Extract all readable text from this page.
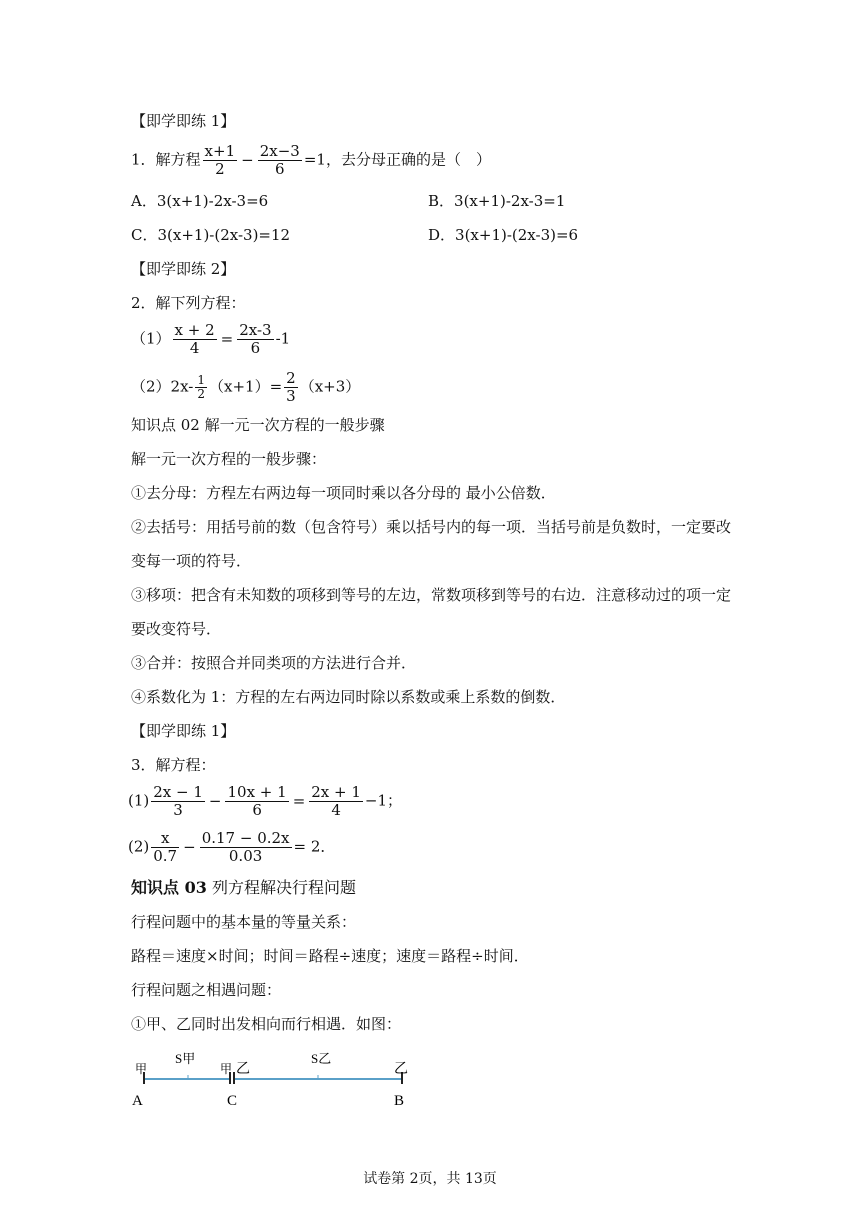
【即学即练 1】
1．解方程 $\frac{x+1}{2} - \frac{2x-3}{6} =1$，去分母正确的是（　）
A．3(x+1)-2x-3=6	B．3(x+1)-2x-3=1
C．3(x+1)-(2x-3)=12	D．3(x+1)-(2x-3)=6
【即学即练 2】
2．解下列方程：
$(1) \frac{x + 2}{4} = \frac{2x-3}{6} -1$
$(2)2x- \frac{1}{2} (x+1)= \frac{2}{3} (x+3)$
知识点 02 解一元一次方程的一般步骤
解一元一次方程的一般步骤：
①去分母：方程左右两边每一项同时乘以各分母的 最小公倍数．
②去括号：用括号前的数（包含符号）乘以括号内的每一项．当括号前是负数时，一定要改
变每一项的符号．
③移项：把含有未知数的项移到等号的左边，常数项移到等号的右边．注意移动过的项一定
要改变符号．
③合并：按照合并同类项的方法进行合并．
④系数化为 1：方程的左右两边同时除以系数或乘上系数的倒数．
【即学即练 1】
3．解方程：
$(1) \frac{2x - 1}{3} - \frac{10x + 1}{6} = \frac{2x + 1}{4} -1$；
$(2) \frac{x}{0.7} - \frac{0.17 - 0.2x}{0.03} = 2$．
知识点 03 列方程解决行程问题
行程问题中的基本量的等量关系：
路程＝速度×时间；时间＝路程÷速度；速度＝路程÷时间．
行程问题之相遇问题：
①甲、乙同时出发相向而行相遇．如图：
甲
S甲
甲 乙
S乙
乙
A	C	B
试卷第 2页，共 13页
